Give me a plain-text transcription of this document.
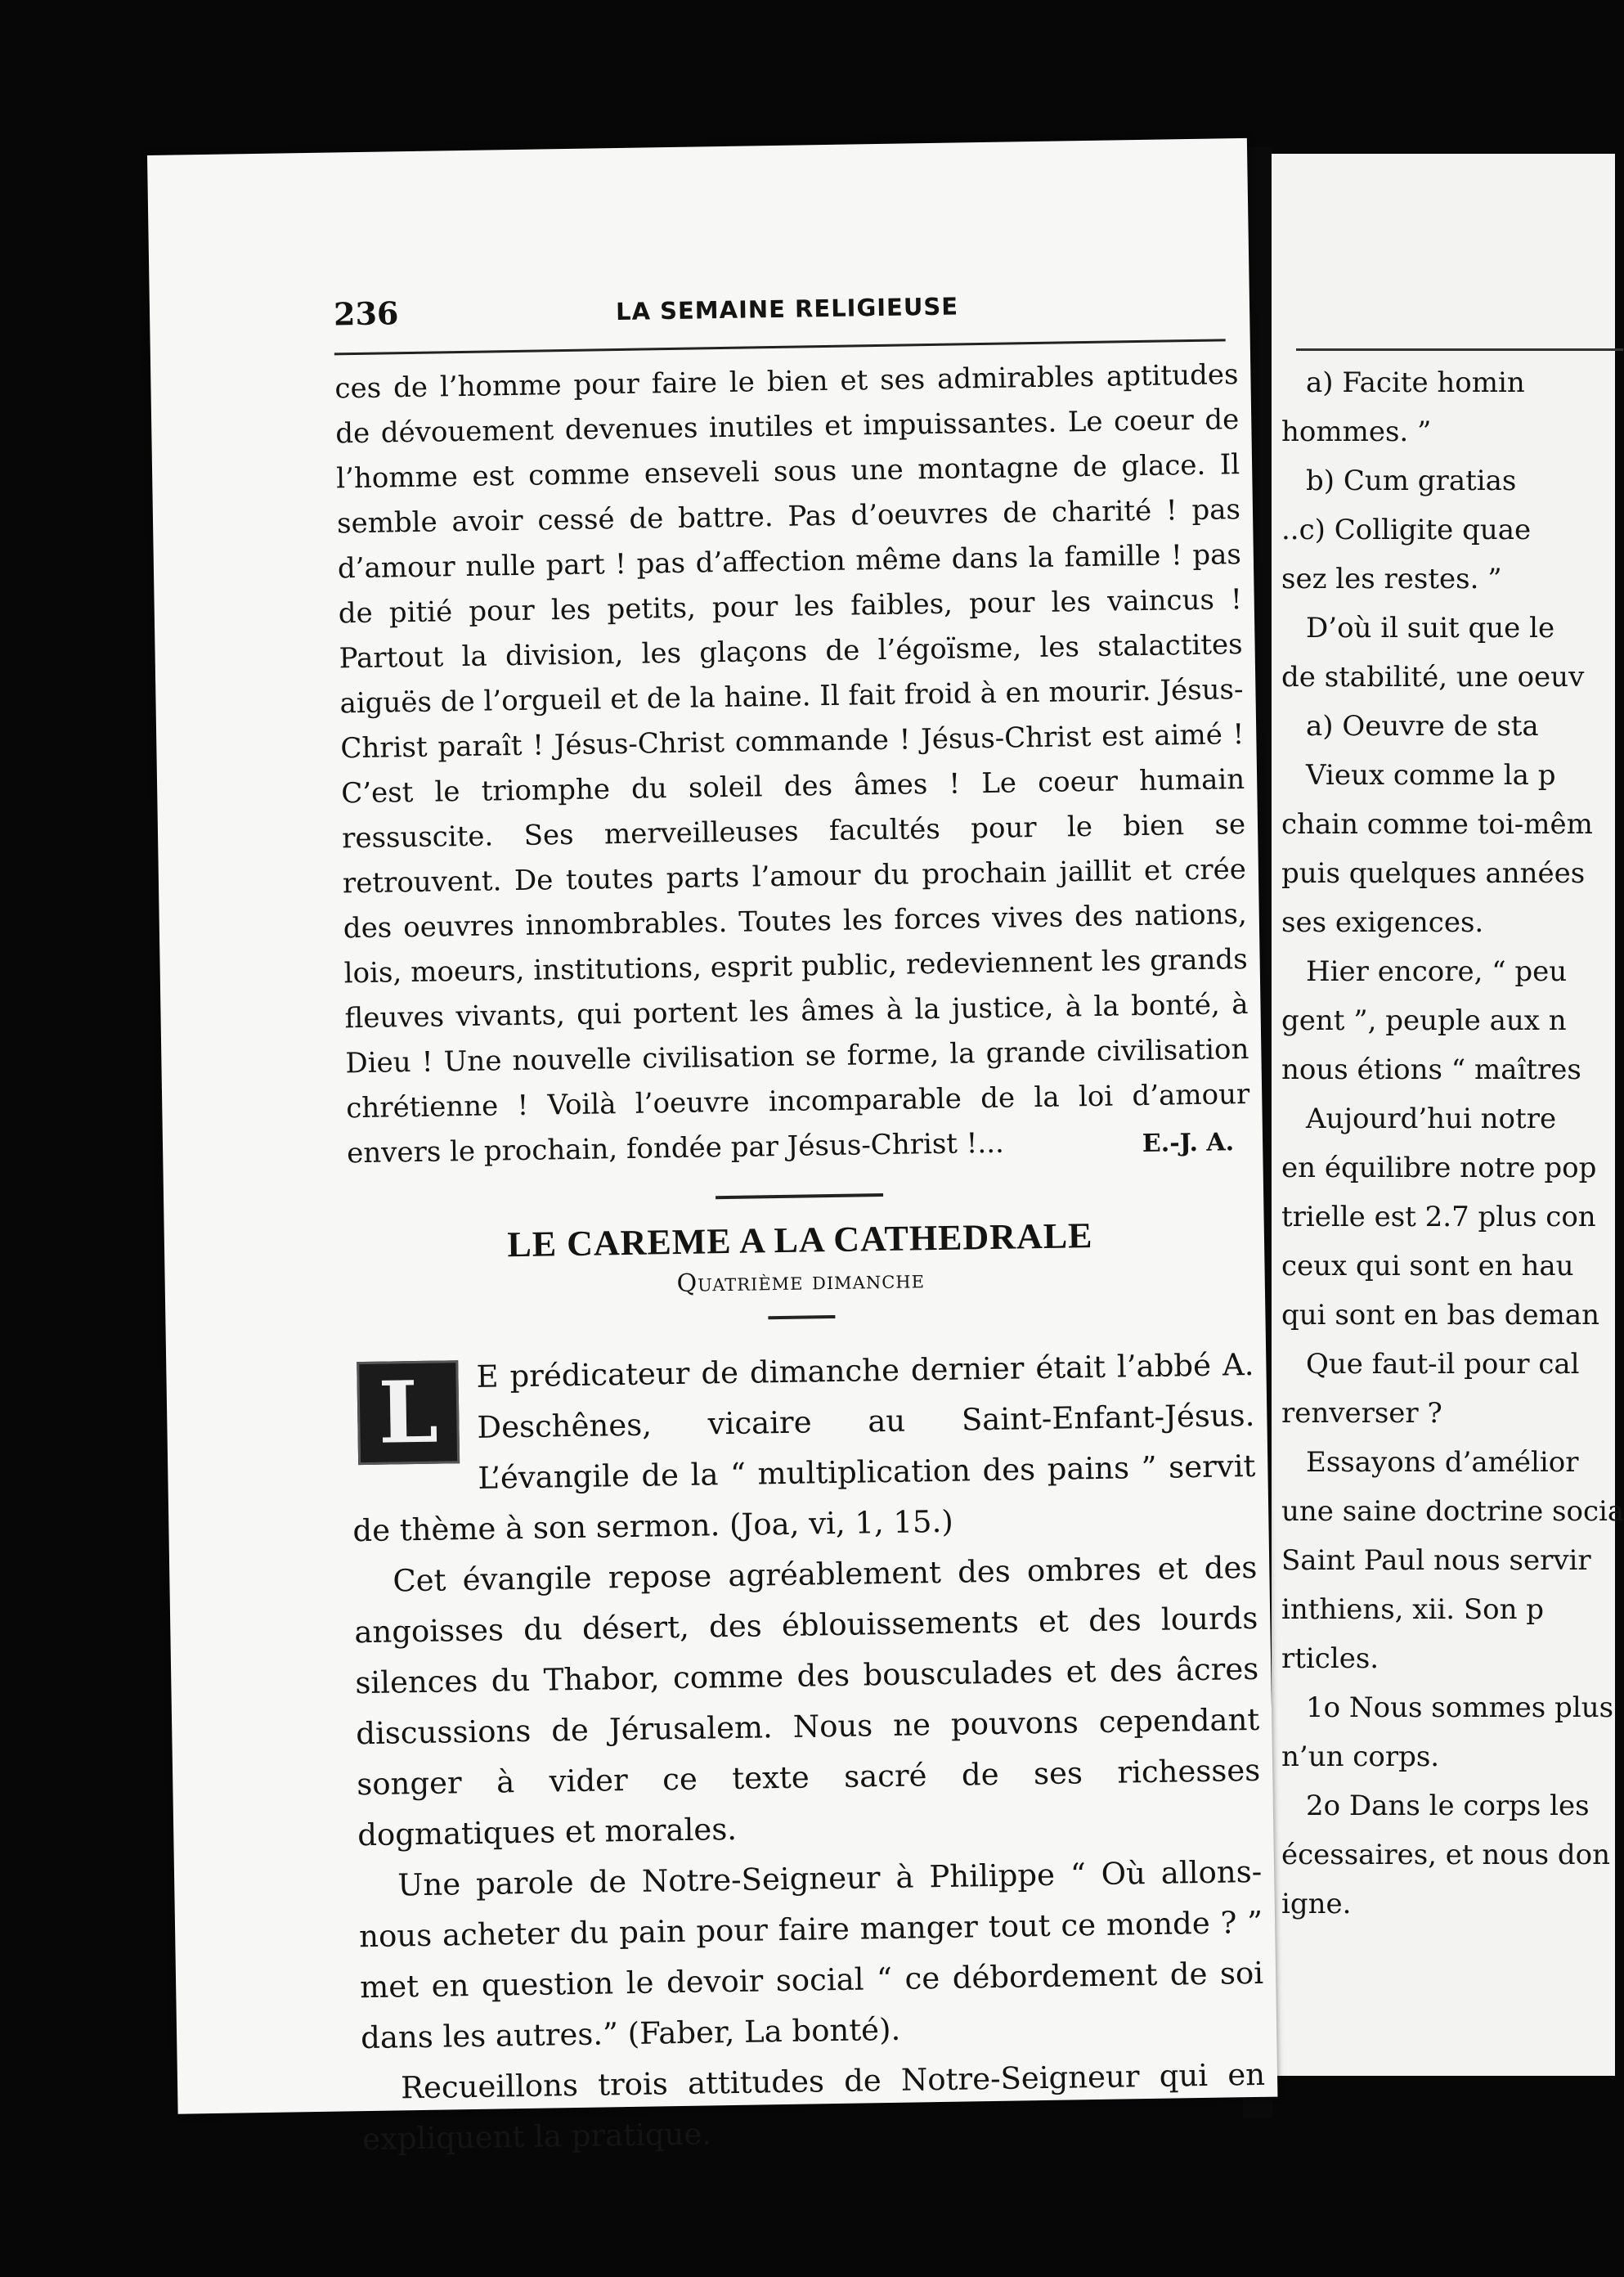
a) Facite homin
hommes. ”
b) Cum gratias
..c) Colligite quae
sez les restes. ”
D’où il suit que le
de stabilité, une oeuv
a) Oeuvre de sta
Vieux comme la p
chain comme toi-mêm
puis quelques années
ses exigences.
Hier encore, “ peu
gent ”, peuple aux n
nous étions “ maîtres
Aujourd’hui notre
en équilibre notre pop
trielle est 2.7 plus con
ceux qui sont en hau
qui sont en bas deman
Que faut-il pour cal
renverser ?
Essayons d’amélior
une saine doctrine socia
Saint Paul nous servir
inthiens, xii. Son p
rticles.
1o Nous sommes plus
n’un corps.
2o Dans le corps les
écessaires, et nous don
igne.
236	LA SEMAINE RELIGIEUSE

ces de l’homme pour faire le bien et ses admirables aptitudes de dévouement devenues inutiles et impuissantes. Le coeur de l’homme est comme enseveli sous une montagne de glace. Il semble avoir cessé de battre. Pas d’oeuvres de charité ! pas d’amour nulle part ! pas d’affection même dans la famille ! pas de pitié pour les petits, pour les faibles, pour les vaincus ! Partout la division, les glaçons de l’égoïsme, les stalactites aiguës de l’orgueil et de la haine. Il fait froid à en mourir. Jésus-Christ paraît ! Jésus-Christ commande ! Jésus-Christ est aimé ! C’est le triomphe du soleil des âmes ! Le coeur humain ressuscite. Ses merveilleuses facultés pour le bien se retrouvent. De toutes parts l’amour du prochain jaillit et crée des oeuvres innombrables. Toutes les forces vives des nations, lois, moeurs, institutions, esprit public, redeviennent les grands fleuves vivants, qui portent les âmes à la justice, à la bonté, à Dieu ! Une nouvelle civilisation se forme, la grande civilisation chrétienne ! Voilà l’oeuvre incomparable de la loi d’amour envers le prochain, fondée par Jésus-Christ !...	E.-J. A.
LE CAREME A LA CATHEDRALE
Quatrième dimanche
L	E prédicateur de dimanche dernier était l’abbé A. Deschênes, vicaire au Saint-Enfant-Jésus. L’évangile de la “ multiplication des pains ” servit de thème à son sermon. (Joa, vi, 1, 15.)

Cet évangile repose agréablement des ombres et des angoisses du désert, des éblouissements et des lourds silences du Thabor, comme des bousculades et des âcres discussions de Jérusalem. Nous ne pouvons cependant songer à vider ce texte sacré de ses richesses dogmatiques et morales.

Une parole de Notre-Seigneur à Philippe “ Où allons-nous acheter du pain pour faire manger tout ce monde ? ” met en question le devoir social “ ce débordement de soi dans les autres.” (Faber, La bonté).

Recueillons trois attitudes de Notre-Seigneur qui en expliquent la pratique.
